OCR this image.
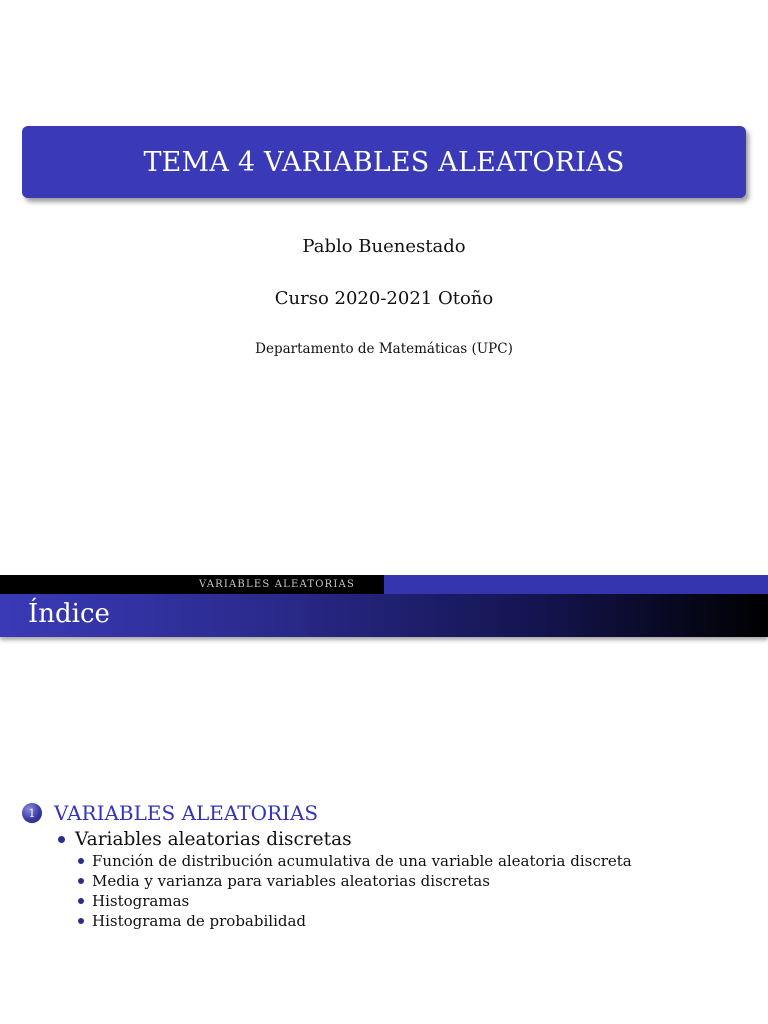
TEMA 4 VARIABLES ALEATORIAS
Pablo Buenestado
Curso 2020-2021 Otoño
Departamento de Matemáticas (UPC)
VARIABLES ALEATORIAS
Índice
1 VARIABLES ALEATORIAS
Variables aleatorias discretas
Función de distribución acumulativa de una variable aleatoria discreta
Media y varianza para variables aleatorias discretas
Histogramas
Histograma de probabilidad
